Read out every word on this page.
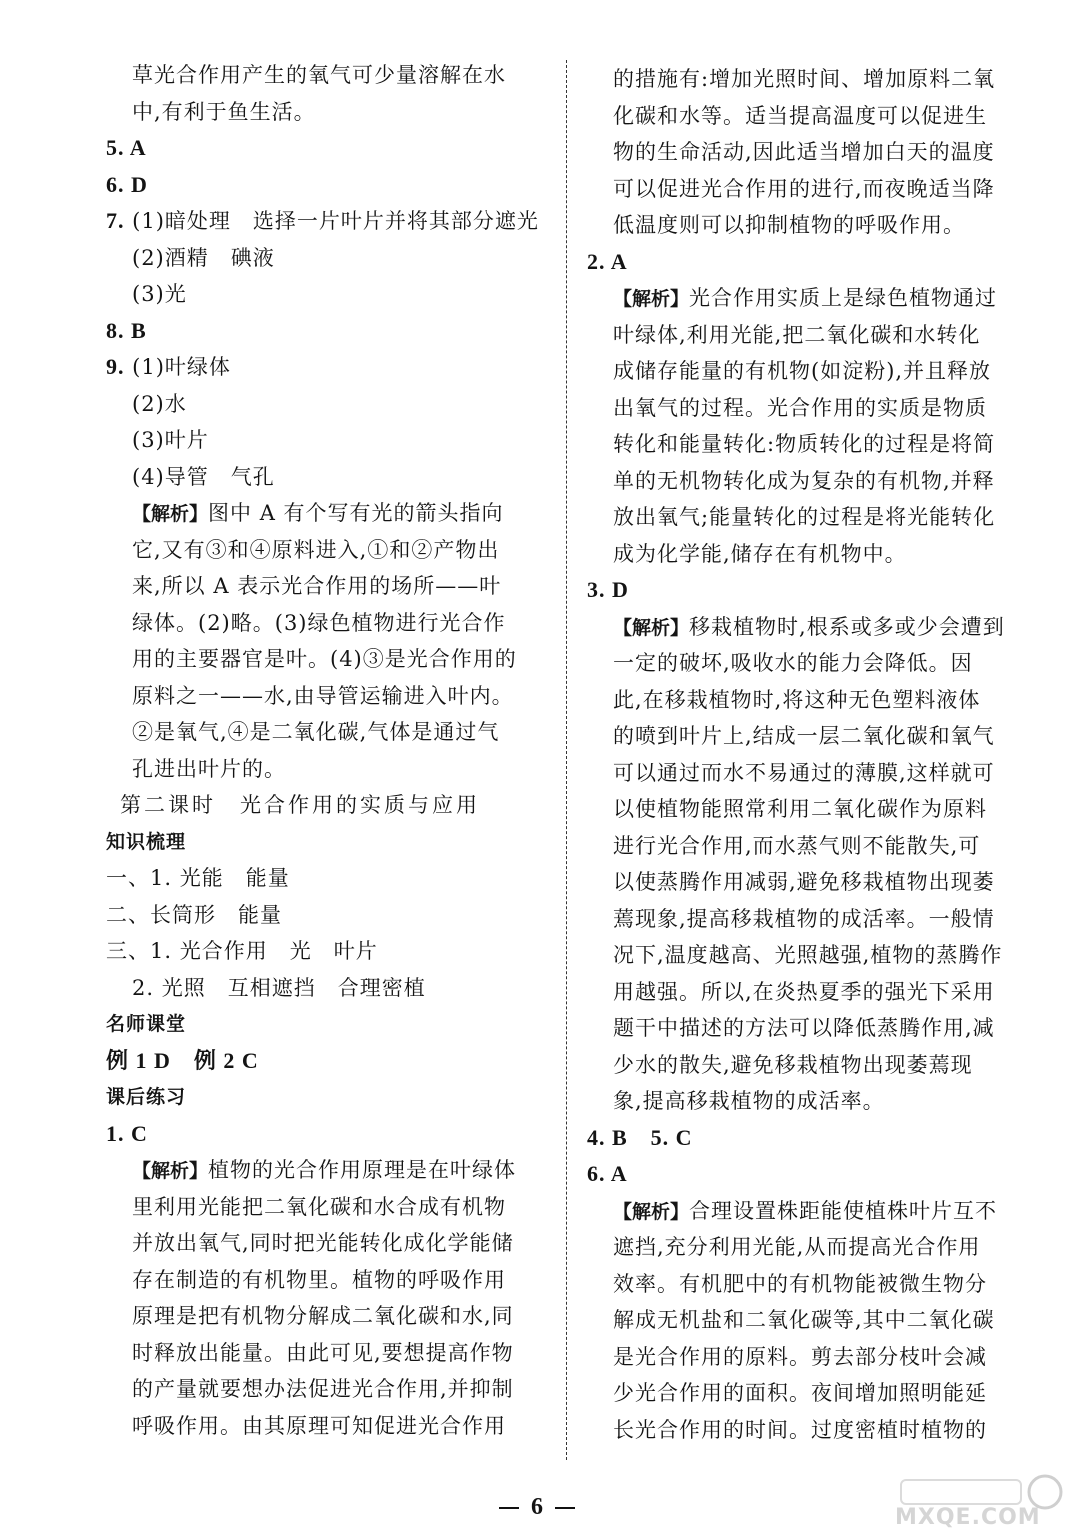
草光合作用产生的氧气可少量溶解在水
中,有利于鱼生活。
5. A
6. D
7. (1)暗处理　选择一片叶片并将其部分遮光
(2)酒精　碘液
(3)光
8. B
9. (1)叶绿体
(2)水
(3)叶片
(4)导管　气孔
【解析】图中 A 有个写有光的箭头指向
它,又有③和④原料进入,①和②产物出
来,所以 A 表示光合作用的场所——叶
绿体。(2)略。(3)绿色植物进行光合作
用的主要器官是叶。(4)③是光合作用的
原料之一——水,由导管运输进入叶内。
②是氧气,④是二氧化碳,气体是通过气
孔进出叶片的。
第二课时　光合作用的实质与应用
知识梳理
一、1. 光能　能量
二、长筒形　能量
三、1. 光合作用　光　叶片
2. 光照　互相遮挡　合理密植
名师课堂
例 1 D　例 2 C
课后练习
1. C
【解析】植物的光合作用原理是在叶绿体
里利用光能把二氧化碳和水合成有机物
并放出氧气,同时把光能转化成化学能储
存在制造的有机物里。植物的呼吸作用
原理是把有机物分解成二氧化碳和水,同
时释放出能量。由此可见,要想提高作物
的产量就要想办法促进光合作用,并抑制
呼吸作用。由其原理可知促进光合作用
的措施有:增加光照时间、增加原料二氧
化碳和水等。适当提高温度可以促进生
物的生命活动,因此适当增加白天的温度
可以促进光合作用的进行,而夜晚适当降
低温度则可以抑制植物的呼吸作用。
2. A
【解析】光合作用实质上是绿色植物通过
叶绿体,利用光能,把二氧化碳和水转化
成储存能量的有机物(如淀粉),并且释放
出氧气的过程。光合作用的实质是物质
转化和能量转化:物质转化的过程是将简
单的无机物转化成为复杂的有机物,并释
放出氧气;能量转化的过程是将光能转化
成为化学能,储存在有机物中。
3. D
【解析】移栽植物时,根系或多或少会遭到
一定的破坏,吸收水的能力会降低。因
此,在移栽植物时,将这种无色塑料液体
的喷到叶片上,结成一层二氧化碳和氧气
可以通过而水不易通过的薄膜,这样就可
以使植物能照常利用二氧化碳作为原料
进行光合作用,而水蒸气则不能散失,可
以使蒸腾作用减弱,避免移栽植物出现萎
蔫现象,提高移栽植物的成活率。一般情
况下,温度越高、光照越强,植物的蒸腾作
用越强。所以,在炎热夏季的强光下采用
题干中描述的方法可以降低蒸腾作用,减
少水的散失,避免移栽植物出现萎蔫现
象,提高移栽植物的成活率。
4. B　5. C
6. A
【解析】合理设置株距能使植株叶片互不
遮挡,充分利用光能,从而提高光合作用
效率。有机肥中的有机物能被微生物分
解成无机盐和二氧化碳等,其中二氧化碳
是光合作用的原料。剪去部分枝叶会减
少光合作用的面积。夜间增加照明能延
长光合作用的时间。过度密植时植物的
6	MXQE.COM
